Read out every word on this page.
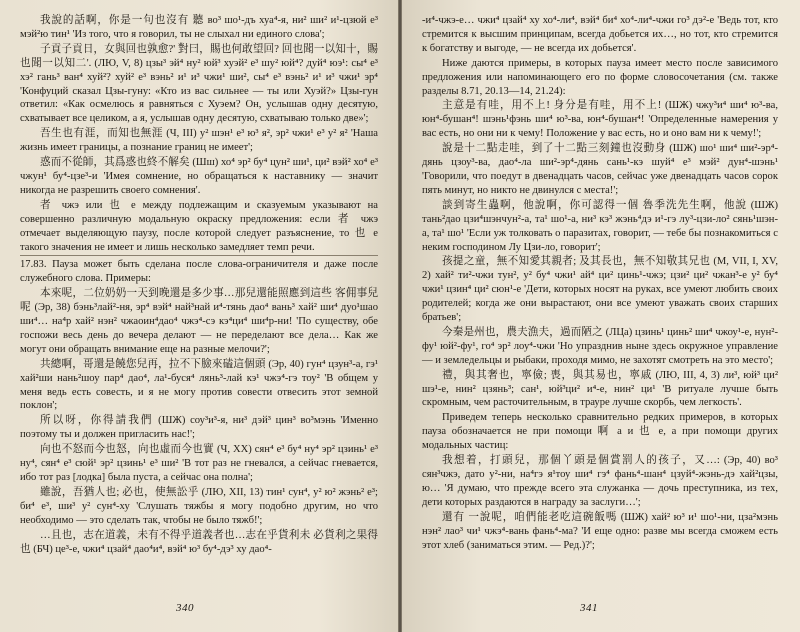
我說的話啊，你是一句也沒有 聽 во³ шо¹-дъ хуа⁴-я, ни² ши² и¹-цзюй е³ мэй²ю тин¹ 'Из того, что я говорил, ты не слыхал ни единого слова';

子貢子貢日，女與回也孰愈?' 對曰，賜也何敢望回? 回也聞一以知十，賜 也聞一以知二'. (ЛЮ, V, 8) цзы³ эй⁴ ну² юй³ хуэй² е³ шу² юй⁴? дуй⁴ юэ¹: сы⁴ е³ хэ² гань³ ван⁴ хуй²? хуй² е³ вэнь² и¹ и³ чжи¹ ши², сы⁴ е³ вэнь² и¹ и³ чжи¹ эр⁴ 'Конфуций сказал Цзы-гуну: «Кто из вас сильнее — ты или Хуэй?» Цзы-гун ответил: «Как осмелюсь я равняться с Хуэем? Он, услышав одну десятую, схватывает все целиком, а я, услышав одну десятую, схватываю только две»';

吾生也有涯，而知也無涯 (Ч, III) у² шэн¹ е³ ю³ я², эр² чжи¹ е³ у² я² 'Наша жизнь имеет границы, а познание границ не имеет';

惑而不從師，其爲惑也終不解矣 (Шш) хо⁴ эр² бу⁴ цун² ши¹, ци² вэй² хо⁴ е³ чжун¹ бу⁴-цзе³-и 'Имея сомнение, но обращаться к наставнику — значит никогда не разрешить своего сомнения'.

者 чжэ или 也 е между подлежащим и сказуемым указывают на совершенно различную модальную окраску предложения: если 者 чжэ отмечает выделяющую паузу, после которой следует разъяснение, то 也 е такого значения не имеет и лишь несколько замедляет темп речи.

17.83. Пауза может быть сделана после слова-ограничителя и даже после служебного слова. Примеры:

本來呢，二位奶奶一天到晚還是多少事…那兒還能照應到這些 客佣事兒呢 (Эр, 38) бэнь³лай²-ня, эр⁴ вэй⁴ най³най и⁴-тянь дао⁴ вань³ хай² ши⁴ дуо¹шао ши⁴… на⁴р хай² нэн² чжаоин⁴дао⁴ чжэ⁴-сэ кэ⁴ци⁴ ши⁴р-ни! 'По существу, обе госпожи весь день до вечера делают — не переделают все дела… Как же могут они обращать внимание еще на разные мелочи?';

共總啊，哥還是饒您兒再，拉不下臉來磕這個頭 (Эр, 40) гун⁴ цзун³-а, гэ¹ хай²ши нань²шоу пар⁴ дао⁴, ла¹-буся⁴ лянь³-лай кэ¹ чжэ⁴-гэ тоу² 'В общем у меня ведь есть совесть, и я не могу против совести отвесить этот земной поклон';

所以呀，你得請我們 (ШЖ) соу³и³-я, ни³ дэй³ цин³ во³мэнь 'Именно поэтому ты и должен пригласить нас!';

向也不怒而今也怒，向也虛而今也實 (Ч, XX) сян⁴ е³ бу⁴ ну⁴ эр² цзинь¹ е³ ну⁴, сян⁴ е³ сюй¹ эр² цзинь¹ е³ ши² 'В тот раз не гневался, а сейчас гневается, ибо тот раз [лодка] была пуста, а сейчас она полна';

雖說，吾猶人也; 必也，使無訟乎 (ЛЮ, XII, 13) тин¹ сун⁴, у² ю² жэнь² е³; би⁴ е³, ши³ у² сун⁴-ху 'Слушать тяжбы я могу подобно другим, но что необходимо — это сделать так, чтобы не было тяжб!';

…且也，志在道義，未有不得乎道義者也…志在乎貨利未 必貨利之果得也 (БЧ) це³-е, чжи⁴ цзай⁴ дао⁴и⁴, вэй⁴ ю³ бу⁴-дэ³ ху дао⁴-

340

-и⁴-чжэ-е… чжи⁴ цзай⁴ ху хо⁴-ли⁴, вэй⁴ би⁴ хо⁴-ли⁴-чжи го³ дэ²-е 'Ведь тот, кто стремится к высшим принципам, всегда добьется их…, но тот, кто стремится к богатству и выгоде, — не всегда их добьется'.

Ниже даются примеры, в которых пауза имеет место после зависимого предложения или напоминающего его по форме словосочетания (см. также разделы 8.71, 20.13—14, 21.24):

主意是有哇，用不上! 身分是有哇，用不上! (ШЖ) чжу³и⁴ ши⁴ ю³-ва, юн⁴-бушан⁴! шэнь¹фэнь ши⁴ ю³-ва, юн⁴-бушан⁴! 'Определенные намерения у вас есть, но они ни к чему! Положение у вас есть, но и оно вам ни к чему!';

說是十二點走哇，到了十二點三刻鐘也沒動身 (ШЖ) шо¹ ши⁴ ши²-эр⁴-дянь цзоу³-ва, дао⁴-ла ши²-эр⁴-дянь сань¹-кэ шуй⁴ е³ мэй² дун⁴-шэнь¹ 'Говорили, что поедут в двенадцать часов, сейчас уже двенадцать часов сорок пять минут, но никто не двинулся с места!';

談到寄生蟲啊，他說啊，你可認得一個 魯季洗先生啊，他說 (ШЖ) тань²дао цзи⁴шэнчун²-а, та¹ шо¹-а, ни³ кэ³ жэнь⁴дэ и¹-гэ лу³-цзи-ло² сянь¹шэн-а, та¹ шо¹ 'Если уж толковать о паразитах, говорит, — тебе бы познакомиться с неким господином Лу Цзи-ло, говорит';

孩提之童，無不知愛其親者; 及其長也，無不知敬其兄也 (М, VII, I, XV, 2) хай² ти²-чжи тун², у² бу⁴ чжи¹ ай⁴ ци² цинь¹-чжэ; цзи² ци² чжан³-е у² бу⁴ чжи¹ цзин⁴ ци² сюн¹-е 'Дети, которых носят на руках, все умеют любить своих родителей; когда же они вырастают, они все умеют уважать своих старших братьев';

今秦是州也，農夫漁夫，過而陋之 (ЛЦа) цзинь¹ цинь² ши⁴ чжоу¹-е, нун²-фу¹ юй²-фу¹, го⁴ эр² лоу⁴-чжи 'Но упразднив ныне здесь окружное управление — и земледельцы и рыбаки, проходя мимо, не захотят смотреть на это место';

禮，與其奢也，寧儉; 喪，與其易也，寧戚 (ЛЮ, III, 4, 3) ли³, юй³ ци² шэ¹-е, нин² цзянь³; сан¹, юй³ци² и⁴-е, нин² ци¹ 'В ритуале лучше быть скромным, чем расточительным, в трауре лучше скорбь, чем легкость'.

Приведем теперь несколько сравнительно редких примеров, в которых пауза обозначается не при помощи 啊 а и 也 е, а при помощи других модальных частиц:

我想着，打頭兒，那個丫頭是個賞罰人的孩子，又…: (Эр, 40) во³ сян³чжэ, дато у²-ни, на⁴гэ я¹тоу ши⁴ гэ⁴ фань⁴-шан⁴ цзуй⁴-жэнь-дэ хай²цзы, ю… 'Я думаю, что прежде всего эта служанка — дочь преступника, из тех, дети которых раздаются в награду за заслуги…';

還有 一說呢，咱們能老吃這碗飯嗎 (ШЖ) хай² ю³ и¹ шо¹-ни, цза²мэнь нэн² лао³ чи¹ чжэ⁴-вань фань⁴-ма? 'И еще одно: разве мы всегда сможем есть этот хлеб (заниматься этим. — Ред.)?';

341
